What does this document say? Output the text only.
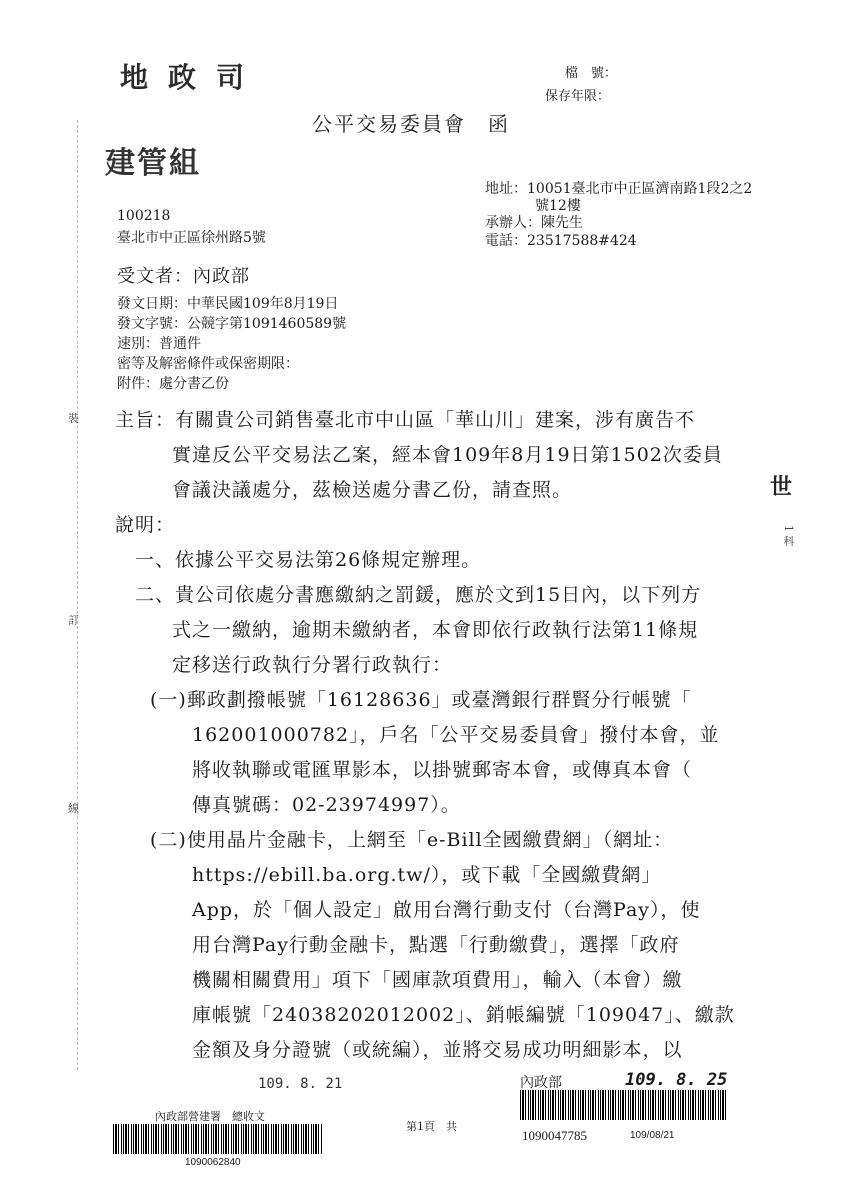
裝
訂
線
地政司
建管組
檔　號：
保存年限：
公平交易委員會　函
地址：10051臺北市中正區濟南路1段2之2
號12樓
承辦人：陳先生
電話：23517588#424
100218
臺北市中正區徐州路5號
受文者：內政部
發文日期：中華民國109年8月19日
發文字號：公競字第1091460589號
速別：普通件
密等及解密條件或保密期限：
附件：處分書乙份
主旨：有關貴公司銷售臺北市中山區「華山川」建案，涉有廣告不
實違反公平交易法乙案，經本會109年8月19日第1502次委員
會議決議處分，茲檢送處分書乙份，請查照。
說明：
一、依據公平交易法第26條規定辦理。
二、貴公司依處分書應繳納之罰鍰，應於文到15日內，以下列方
式之一繳納，逾期未繳納者，本會即依行政執行法第11條規
定移送行政執行分署行政執行：
(一)郵政劃撥帳號「16128636」或臺灣銀行群賢分行帳號「
162001000782」，戶名「公平交易委員會」撥付本會，並
將收執聯或電匯單影本，以掛號郵寄本會，或傳真本會（
傳真號碼：02-23974997）。
(二)使用晶片金融卡，上網至「e-Bill全國繳費網」（網址：
https://ebill.ba.org.tw/），或下載「全國繳費網」
App，於「個人設定」啟用台灣行動支付（台灣Pay），使
用台灣Pay行動金融卡，點選「行動繳費」，選擇「政府
機關相關費用」項下「國庫款項費用」，輸入（本會）繳
庫帳號「24038202012002」、銷帳編號「109047」、繳款
金額及身分證號（或統編），並將交易成功明細影本，以
世
1 科
109. 8. 21	內政部	109. 8. 25
內政部營建署　總收文
1090062840
第1頁　共
1090047785	109/08/21
